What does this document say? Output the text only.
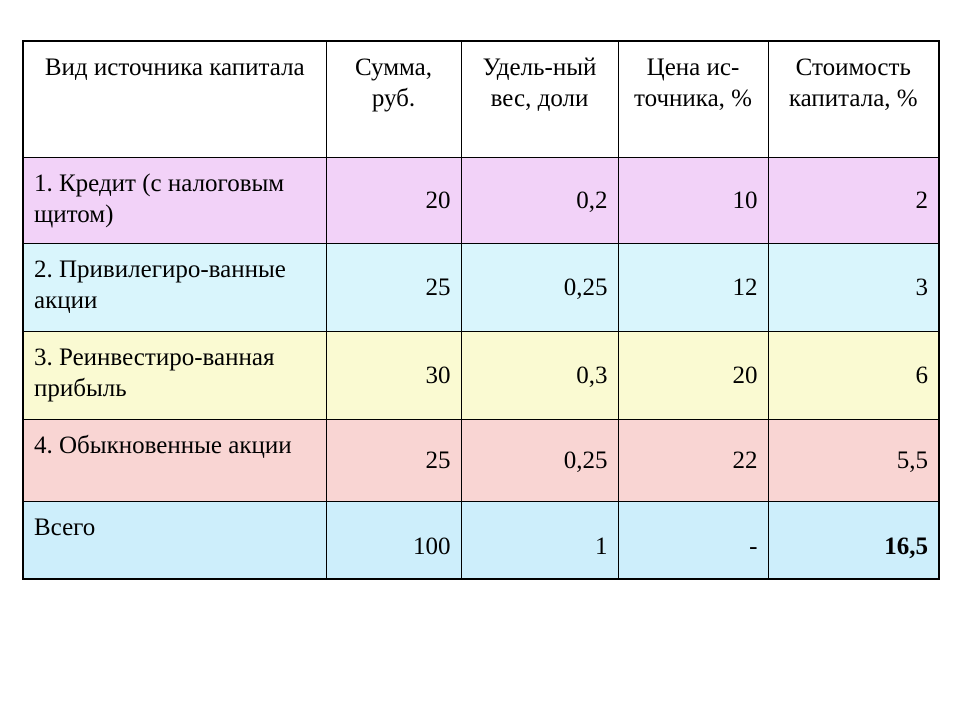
Вид источника капитала	Сумма, руб.	Удель-ный вес, доли	Цена ис-точника, %	Стоимость капитала, %
1. Кредит (с налоговым щитом)	20	0,2	10	2
2. Привилегиро-ванные акции	25	0,25	12	3
3. Реинвестиро-ванная прибыль	30	0,3	20	6
4. Обыкновенные акции	25	0,25	22	5,5
Всего	100	1	-	16,5
